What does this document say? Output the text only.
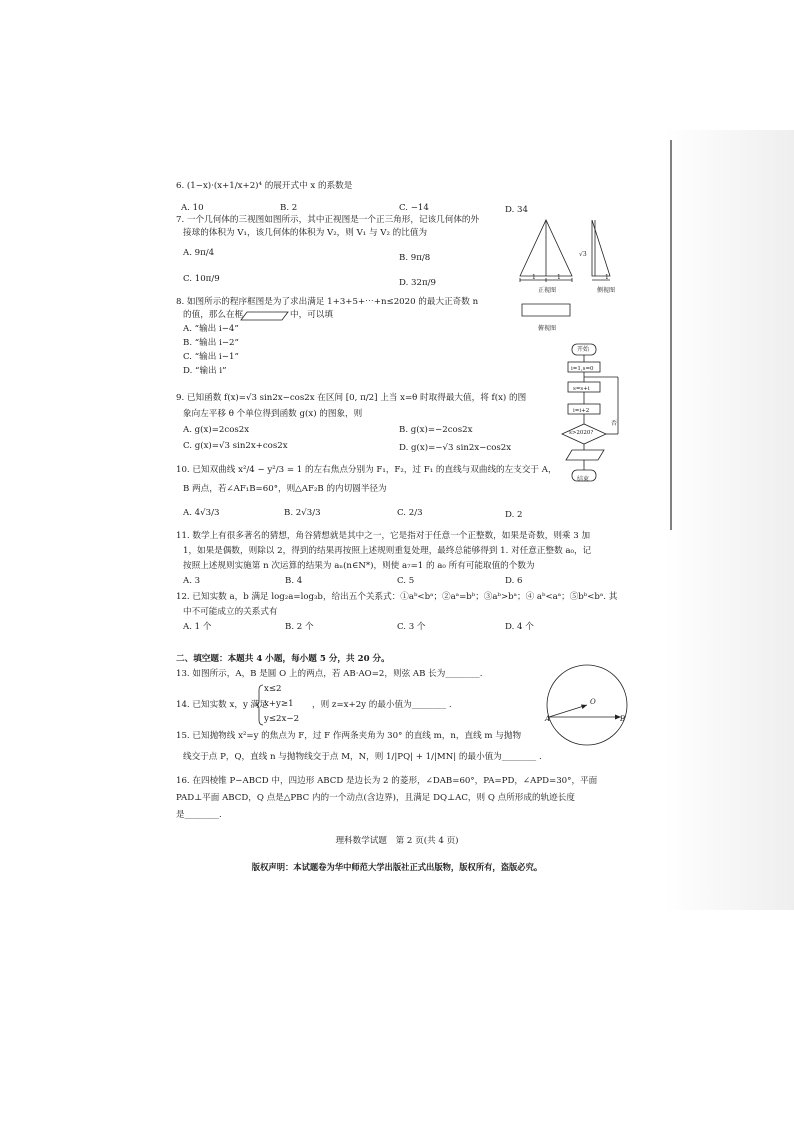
6. (1−x)·(x+1/x+2)⁴ 的展开式中 x 的系数是
A. 10	B. 2	C. −14	D. 34
7. 一个几何体的三视图如图所示，其中正视图是一个正三角形，记该几何体的外
接球的体积为 V₁，该几何体的体积为 V₂，则 V₁ 与 V₂ 的比值为
A. 9π/4	B. 9π/8
C. 10π/9	D. 32π/9
1	1
√3
1
正视图	侧视图
俯视图
8. 如图所示的程序框图是为了求出满足 1+3+5+⋯+n≤2020 的最大正奇数 n
的值，那么在框	中，可以填
A. “输出 i−4”
B. “输出 i−2”
C. “输出 i−1”
D. “输出 i”
开始
i=1,s=0
s=s+i
i=i+2
s>2020?
否
结束
9. 已知函数 f(x)=√3 sin2x−cos2x 在区间 [0, π/2] 上当 x=θ 时取得最大值，将 f(x) 的图
象向左平移 θ 个单位得到函数 g(x) 的图象，则
A. g(x)=2cos2x	B. g(x)=−2cos2x
C. g(x)=√3 sin2x+cos2x	D. g(x)=−√3 sin2x−cos2x
10. 已知双曲线 x²/4 − y²/3 = 1 的左右焦点分别为 F₁，F₂，过 F₁ 的直线与双曲线的左支交于 A，
B 两点，若∠AF₁B=60°，则△AF₂B 的内切圆半径为
A. 4√3/3	B. 2√3/3	C. 2/3	D. 2
11. 数学上有很多著名的猜想，角谷猜想就是其中之一，它是指对于任意一个正整数，如果是奇数，则乘 3 加
1，如果是偶数，则除以 2，得到的结果再按照上述规则重复处理，最终总能够得到 1. 对任意正整数 a₀，记
按照上述规则实施第 n 次运算的结果为 aₙ(n∈N*)，则使 a₇=1 的 a₀ 所有可能取值的个数为
A. 3	B. 4	C. 5	D. 6
12. 已知实数 a，b 满足 log₂a=log₃b，给出五个关系式：①aᵇ<bᵃ；②aᵃ=bᵇ；③aᵇ>bᵃ；④ aᵇ<aᵃ；⑤bᵇ<bᵃ. 其
中不可能成立的关系式有
A. 1 个	B. 2 个	C. 3 个	D. 4 个
二、填空题：本题共 4 小题，每小题 5 分，共 20 分。
13. 如图所示，A，B 是圆 O 上的两点，若 AB·AO=2，则弦 AB 长为________.
14. 已知实数 x，y 满足
x≤2
x+y≥1
y≤2x−2
，则 z=x+2y 的最小值为________ .
15. 已知抛物线 x²=y 的焦点为 F，过 F 作两条夹角为 30° 的直线 m，n，直线 m 与抛物
线交于点 P，Q，直线 n 与抛物线交于点 M，N，则 1/|PQ| + 1/|MN| 的最小值为________ .
O
A	B
16. 在四棱锥 P−ABCD 中，四边形 ABCD 是边长为 2 的菱形，∠DAB=60°，PA=PD，∠APD=30°，平面
PAD⊥平面 ABCD，Q 点是△PBC 内的一个动点(含边界)，且满足 DQ⊥AC，则 Q 点所形成的轨迹长度
是________.
理科数学试题　第 2 页(共 4 页)
版权声明：本试题卷为华中师范大学出版社正式出版物，版权所有，盗版必究。
